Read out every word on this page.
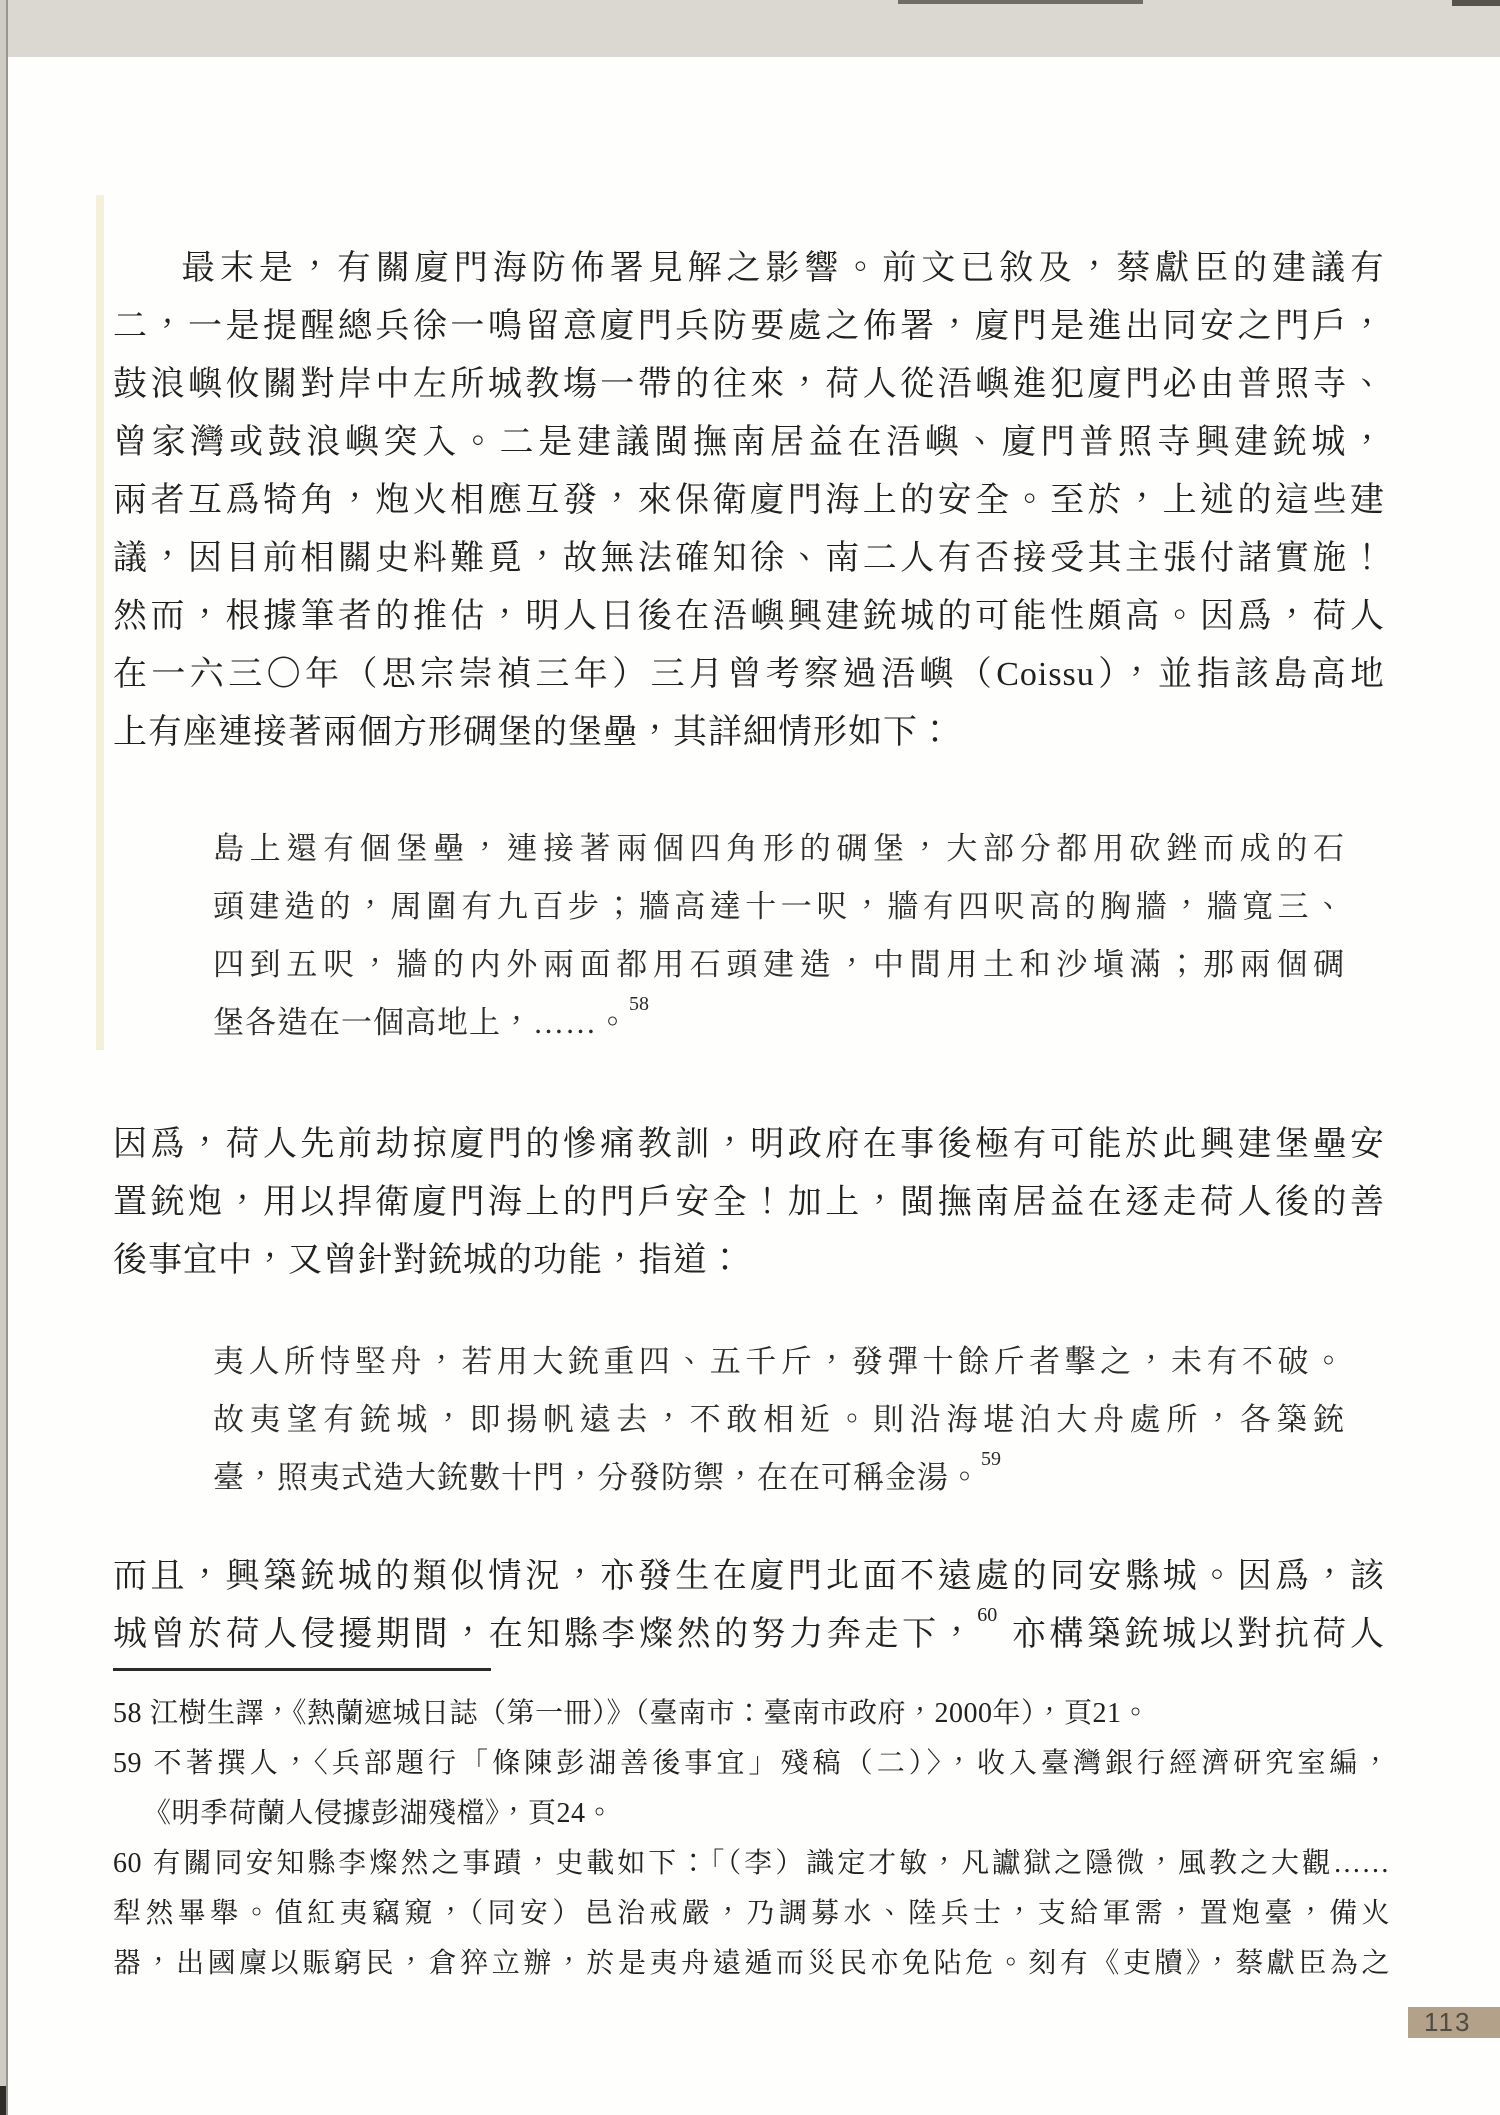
最末是，有關廈門海防佈署見解之影響。前文已敘及，蔡獻臣的建議有
二，一是提醒總兵徐一鳴留意廈門兵防要處之佈署，廈門是進出同安之門戶，
鼓浪嶼攸關對岸中左所城教塲一帶的往來，荷人從浯嶼進犯廈門必由普照寺、
曾家灣或鼓浪嶼突入。二是建議閩撫南居益在浯嶼、廈門普照寺興建銃城，
兩者互爲犄角，炮火相應互發，來保衛廈門海上的安全。至於，上述的這些建
議，因目前相關史料難覓，故無法確知徐、南二人有否接受其主張付諸實施！
然而，根據筆者的推估，明人日後在浯嶼興建銃城的可能性頗高。因爲，荷人
在一六三〇年（思宗崇禎三年）三月曾考察過浯嶼（Coissu），並指該島高地
上有座連接著兩個方形碉堡的堡壘，其詳細情形如下：
島上還有個堡壘，連接著兩個四角形的碉堡，大部分都用砍銼而成的石
頭建造的，周圍有九百步；牆高達十一呎，牆有四呎高的胸牆，牆寬三、
四到五呎，牆的内外兩面都用石頭建造，中間用土和沙塡滿；那兩個碉
堡各造在一個高地上，……。$^{58}$
因爲，荷人先前劫掠廈門的慘痛教訓，明政府在事後極有可能於此興建堡壘安
置銃炮，用以捍衛廈門海上的門戶安全！加上，閩撫南居益在逐走荷人後的善
後事宜中，又曾針對銃城的功能，指道：
夷人所恃堅舟，若用大銃重四、五千斤，發彈十餘斤者擊之，未有不破。
故夷望有銃城，即揚帆遠去，不敢相近。則沿海堪泊大舟處所，各築銃
臺，照夷式造大銃數十門，分發防禦，在在可稱金湯。$^{59}$
而且，興築銃城的類似情況，亦發生在廈門北面不遠處的同安縣城。因爲，該
城曾於荷人侵擾期間，在知縣李燦然的努力奔走下，$^{60}$亦構築銃城以對抗荷人
58 江樹生譯，《熱蘭遮城日誌（第一冊）》（臺南市：臺南市政府，2000年），頁21。
59 不著撰人，〈兵部題行「條陳彭湖善後事宜」殘稿（二）〉，收入臺灣銀行經濟研究室編，
《明季荷蘭人侵據彭湖殘檔》，頁24。
60 有關同安知縣李燦然之事蹟，史載如下：「（李）識定才敏，凡讞獄之隱微，風教之大觀……
犁然畢舉。值紅夷竊窺，（同安）邑治戒嚴，乃調募水、陸兵士，支給軍需，置炮臺，備火
器，出國廩以賑窮民，倉猝立辦，於是夷舟遠遁而災民亦免阽危。刻有《吏牘》，蔡獻臣為之
113
